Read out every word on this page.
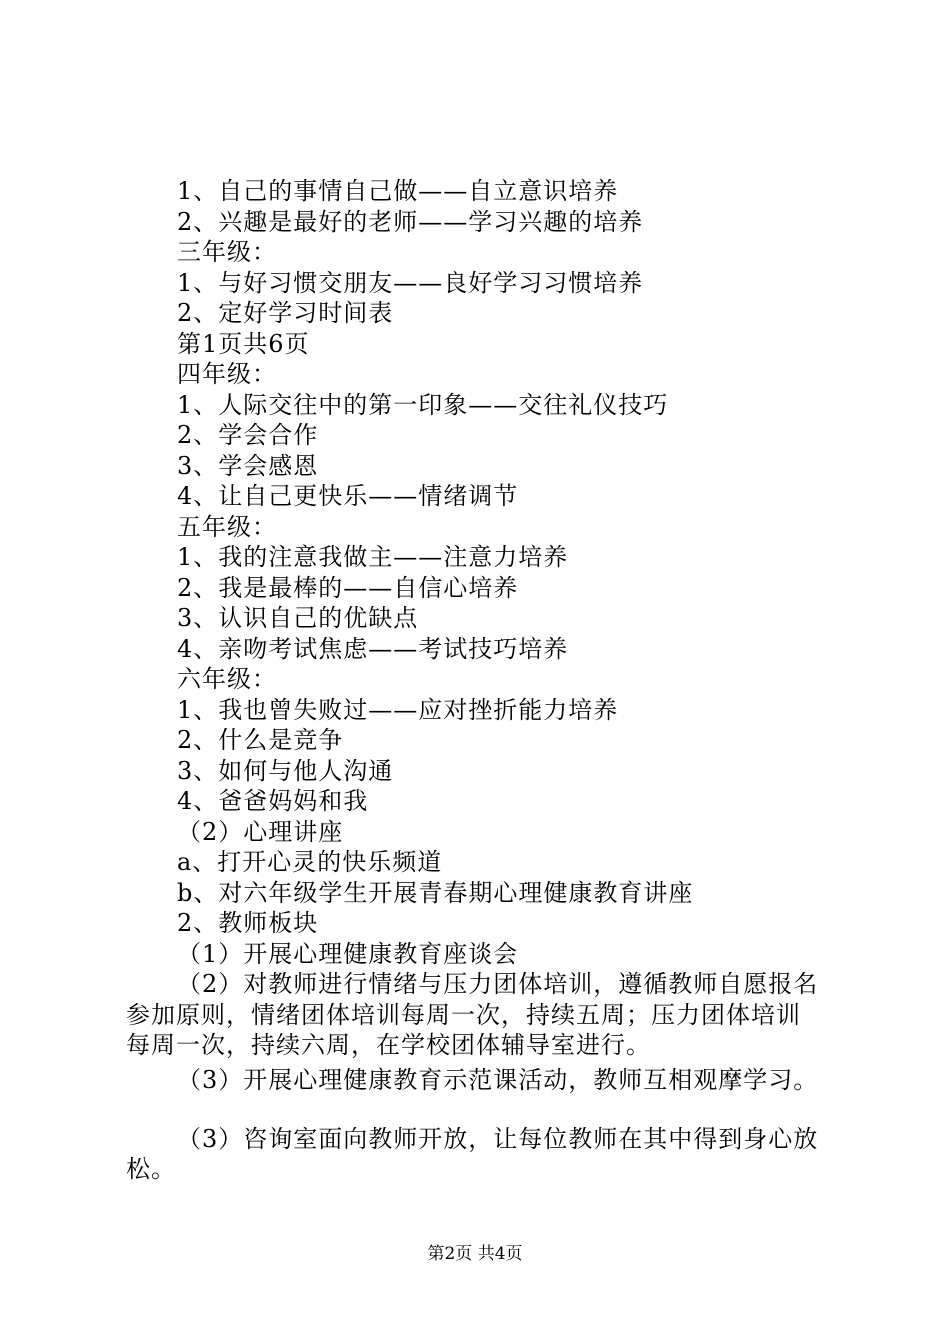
1、自己的事情自己做——自立意识培养
2、兴趣是最好的老师——学习兴趣的培养
三年级：
1、与好习惯交朋友——良好学习习惯培养
2、定好学习时间表
第1页共6页
四年级：
1、人际交往中的第一印象——交往礼仪技巧
2、学会合作
3、学会感恩
4、让自己更快乐——情绪调节
五年级：
1、我的注意我做主——注意力培养
2、我是最棒的——自信心培养
3、认识自己的优缺点
4、亲吻考试焦虑——考试技巧培养
六年级：
1、我也曾失败过——应对挫折能力培养
2、什么是竞争
3、如何与他人沟通
4、爸爸妈妈和我
（2）心理讲座
a、打开心灵的快乐频道
b、对六年级学生开展青春期心理健康教育讲座
2、教师板块
（1）开展心理健康教育座谈会
（2）对教师进行情绪与压力团体培训，遵循教师自愿报名
参加原则，情绪团体培训每周一次，持续五周；压力团体培训
每周一次，持续六周，在学校团体辅导室进行。
（3）开展心理健康教育示范课活动，教师互相观摩学习。
（3）咨询室面向教师开放，让每位教师在其中得到身心放
松。
第2页 共4页
